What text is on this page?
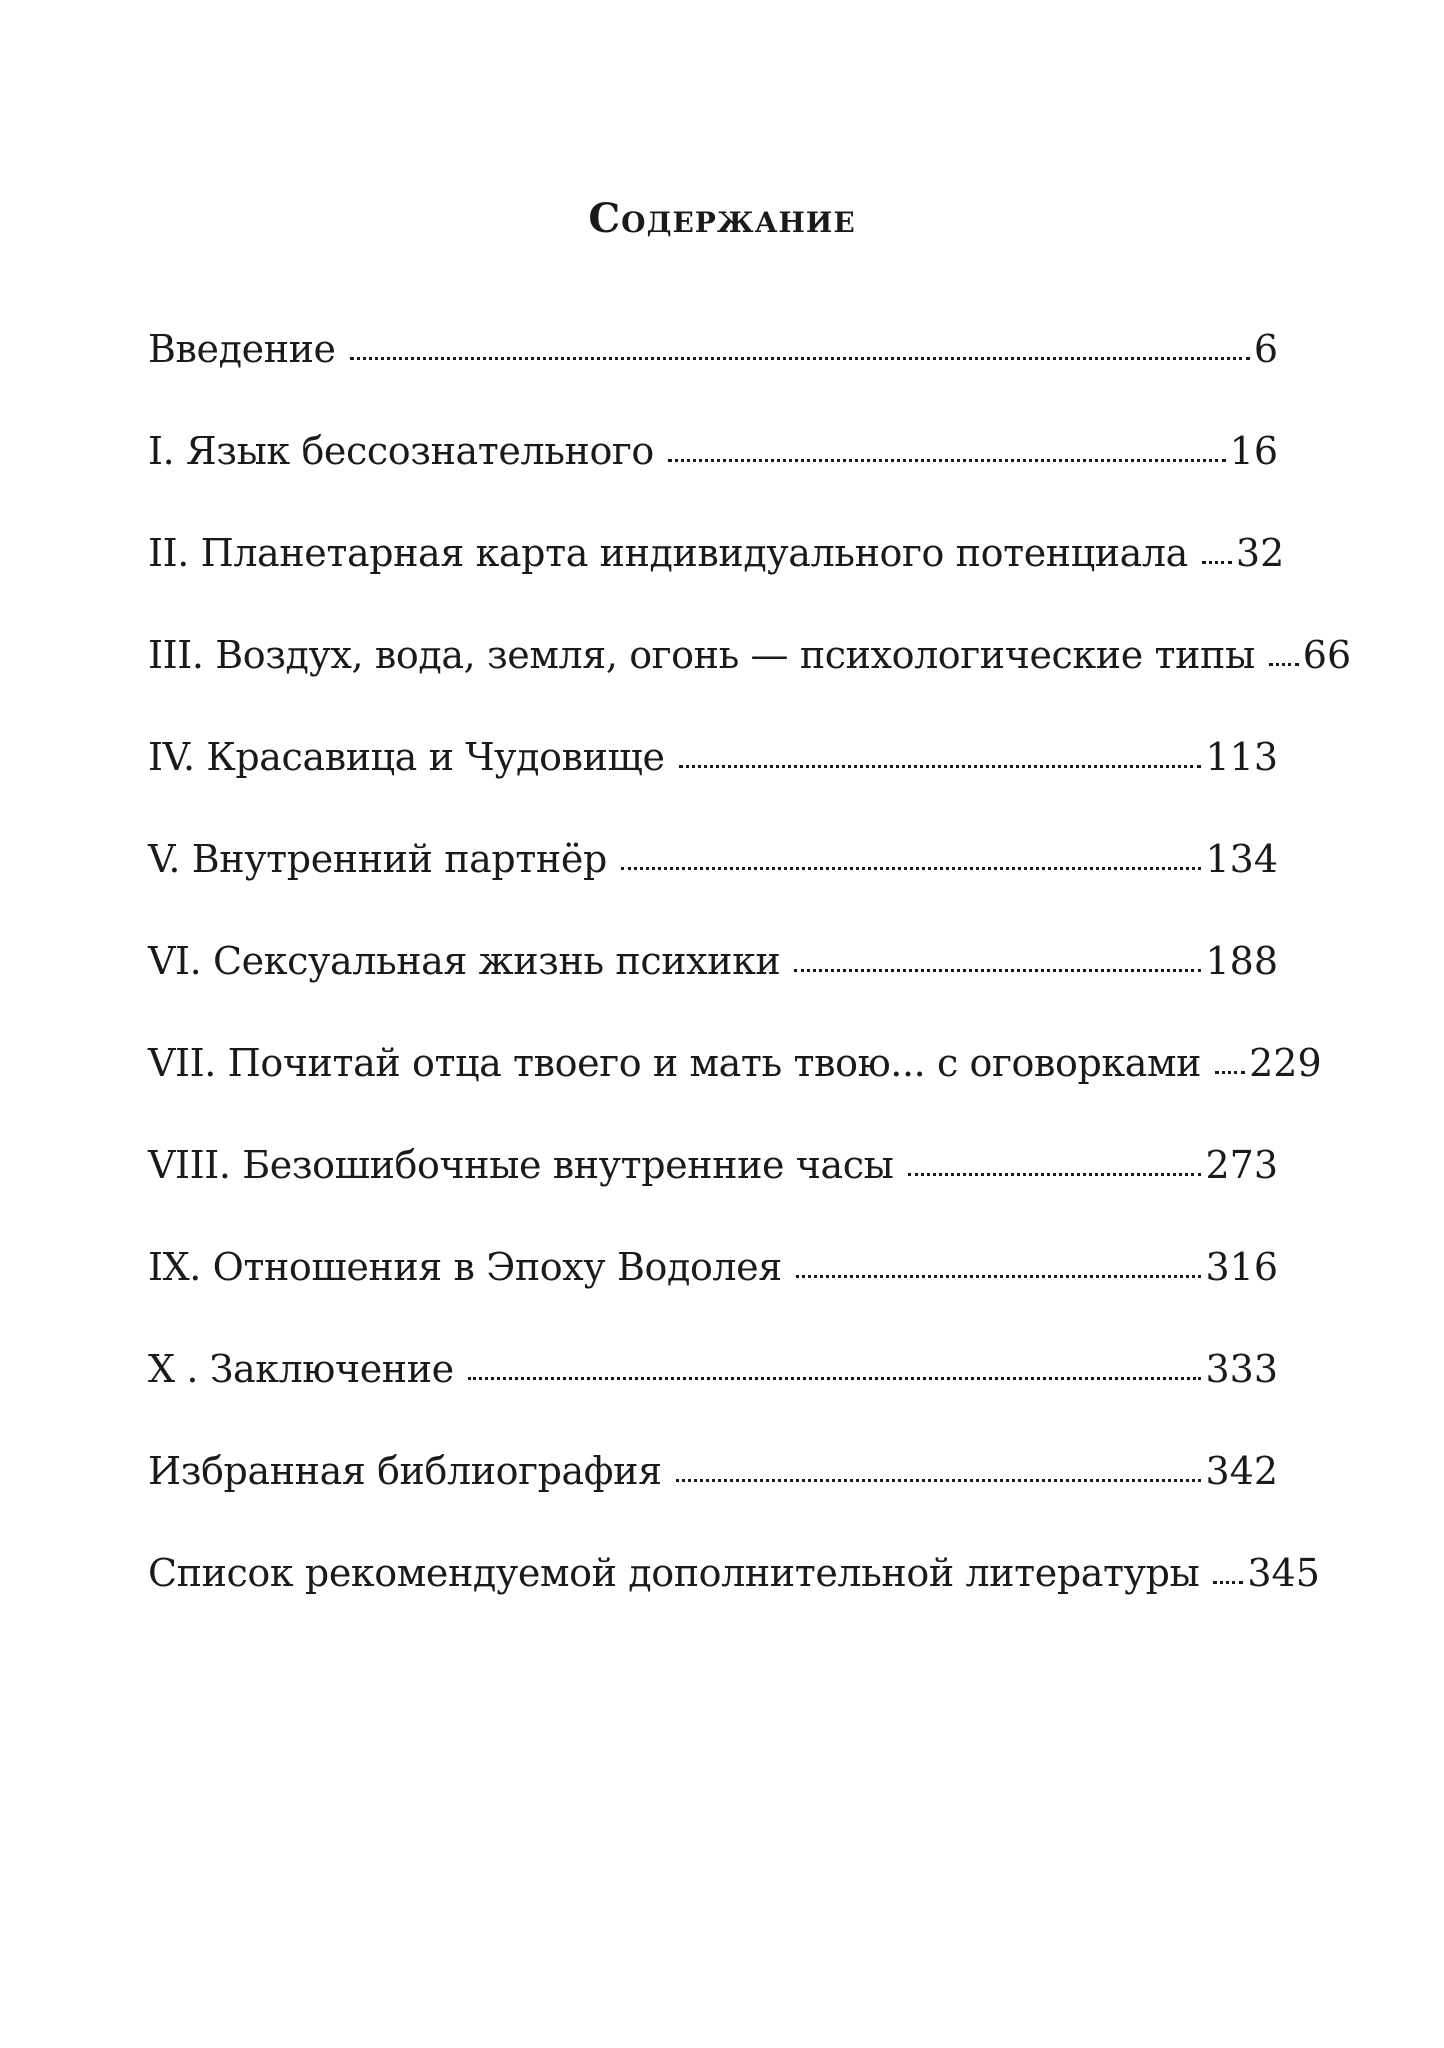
Содержание
Введение	6
I. Язык бессознательного	16
II. Планетарная карта индивидуального потенциала 32
III. Воздух, вода, земля, огонь — психологические типы 66
IV. Красавица и Чудовище	113
V. Внутренний партнёр	134
VI. Сексуальная жизнь психики	188
VII. Почитай отца твоего и мать твою... с оговорками 229
VIII. Безошибочные внутренние часы	273
IX. Отношения в Эпоху Водолея	316
X . Заключение	333
Избранная библиография	342
Список рекомендуемой дополнительной литературы 345
